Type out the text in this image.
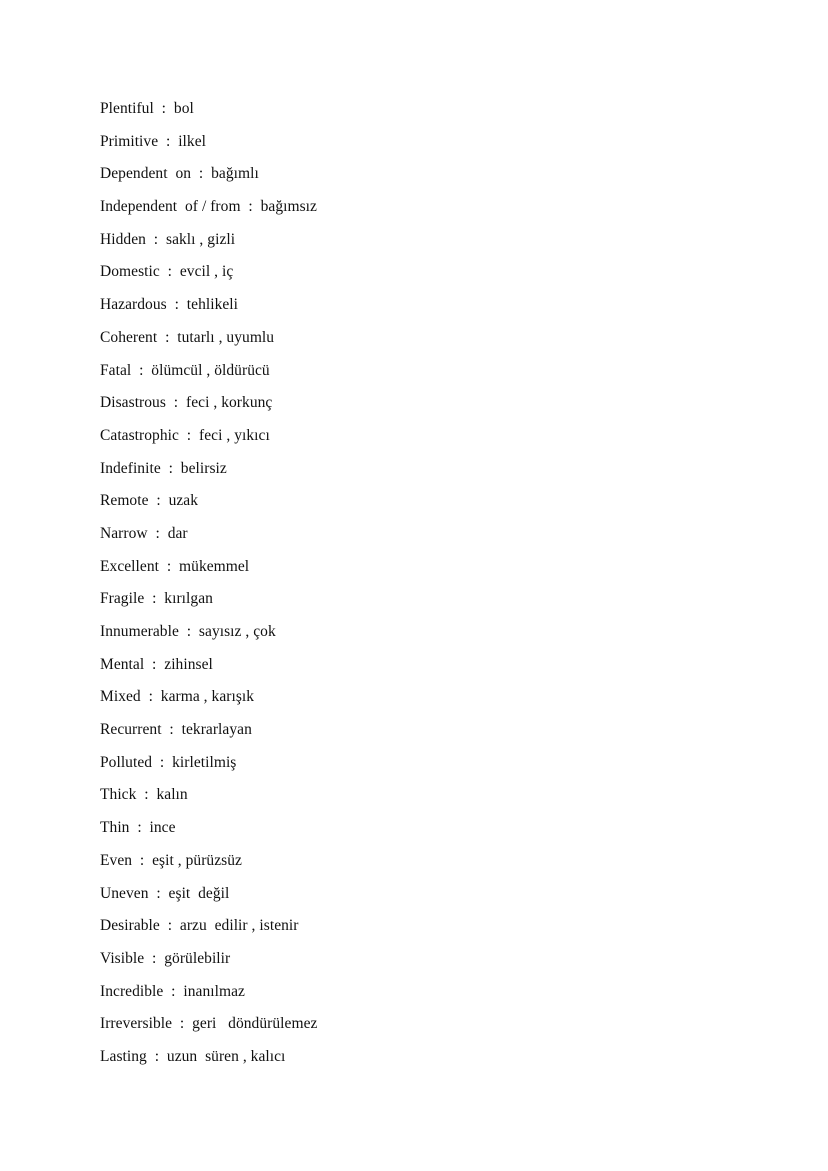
Plentiful  :  bol
Primitive  :  ilkel
Dependent  on  :  bağımlı
Independent  of / from  :  bağımsız
Hidden  :  saklı , gizli
Domestic  :  evcil , iç
Hazardous  :  tehlikeli
Coherent  :  tutarlı , uyumlu
Fatal  :  ölümcül , öldürücü
Disastrous  :  feci , korkunç
Catastrophic  :  feci , yıkıcı
Indefinite  :  belirsiz
Remote  :  uzak
Narrow  :  dar
Excellent  :  mükemmel
Fragile  :  kırılgan
Innumerable  :  sayısız , çok
Mental  :  zihinsel
Mixed  :  karma , karışık
Recurrent  :  tekrarlayan
Polluted  :  kirletilmiş
Thick  :  kalın
Thin  :  ince
Even  :  eşit , pürüzsüz
Uneven  :  eşit  değil
Desirable  :  arzu  edilir , istenir
Visible  :  görülebilir
Incredible  :  inanılmaz
Irreversible  :  geri   döndürülemez
Lasting  :  uzun  süren , kalıcı
